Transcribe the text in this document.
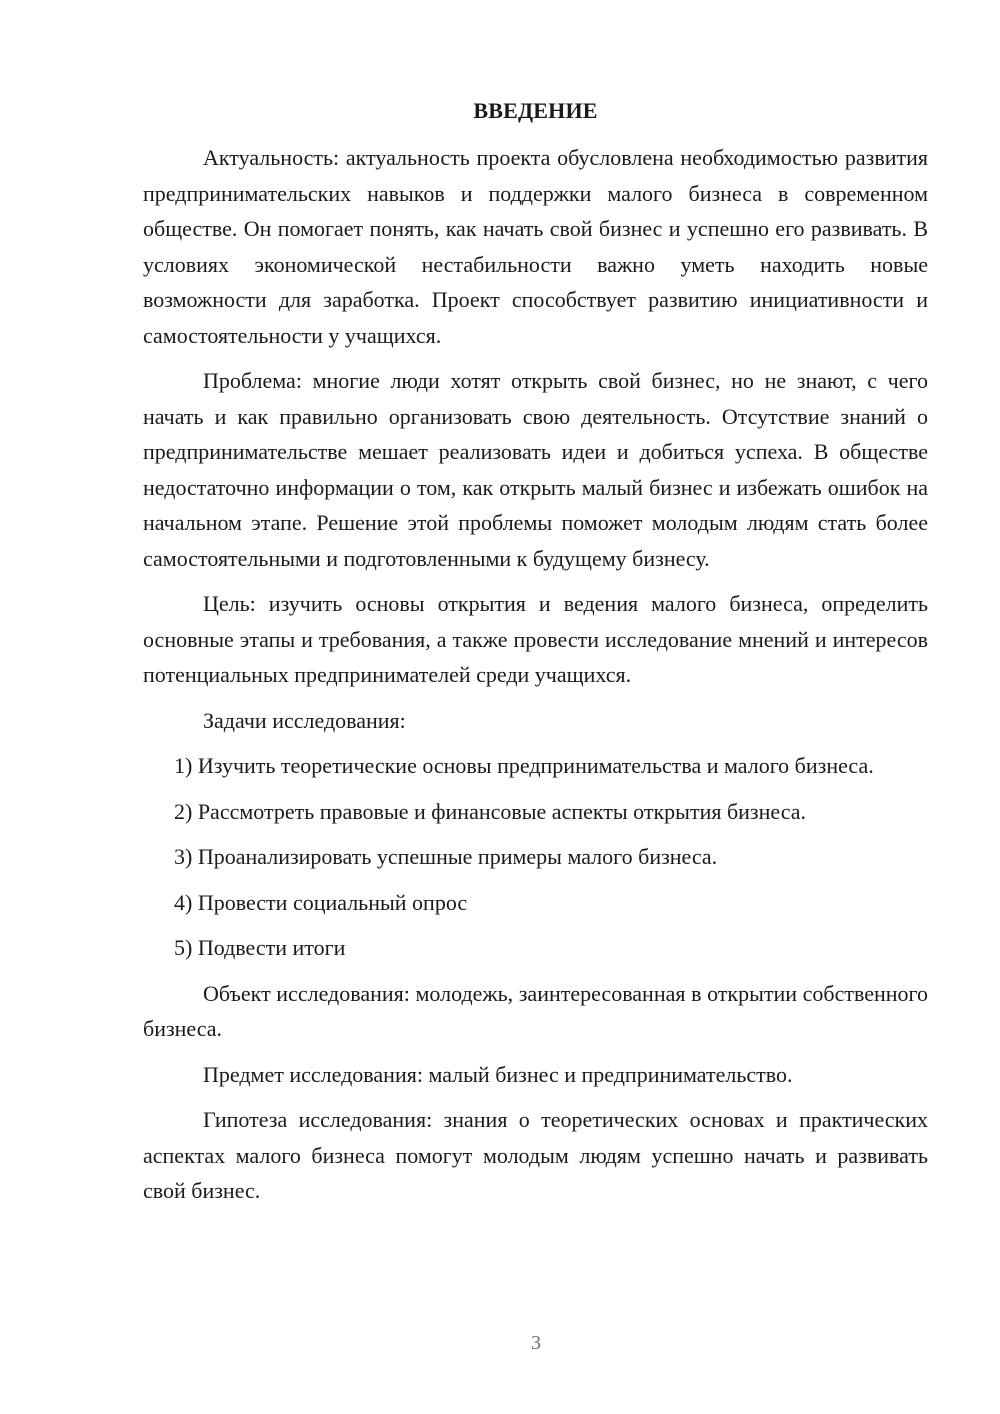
ВВЕДЕНИЕ

Актуальность: актуальность проекта обусловлена необходимостью развития предпринимательских навыков и поддержки малого бизнеса в современном обществе. Он помогает понять, как начать свой бизнес и успешно его развивать. В условиях экономической нестабильности важно уметь находить новые возможности для заработка. Проект способствует развитию инициативности и самостоятельности у учащихся.

Проблема: многие люди хотят открыть свой бизнес, но не знают, с чего начать и как правильно организовать свою деятельность. Отсутствие знаний о предпринимательстве мешает реализовать идеи и добиться успеха. В обществе недостаточно информации о том, как открыть малый бизнес и избежать ошибок на начальном этапе. Решение этой проблемы поможет молодым людям стать более самостоятельными и подготовленными к будущему бизнесу.

Цель: изучить основы открытия и ведения малого бизнеса, определить основные этапы и требования, а также провести исследование мнений и интересов потенциальных предпринимателей среди учащихся.

Задачи исследования:

1) Изучить теоретические основы предпринимательства и малого бизнеса.
2) Рассмотреть правовые и финансовые аспекты открытия бизнеса.
3) Проанализировать успешные примеры малого бизнеса.
4) Провести социальный опрос
5) Подвести итоги

Объект исследования: молодежь, заинтересованная в открытии собственного бизнеса.

Предмет исследования: малый бизнес и предпринимательство.

Гипотеза исследования: знания о теоретических основах и практических аспектах малого бизнеса помогут молодым людям успешно начать и развивать свой бизнес.

3
